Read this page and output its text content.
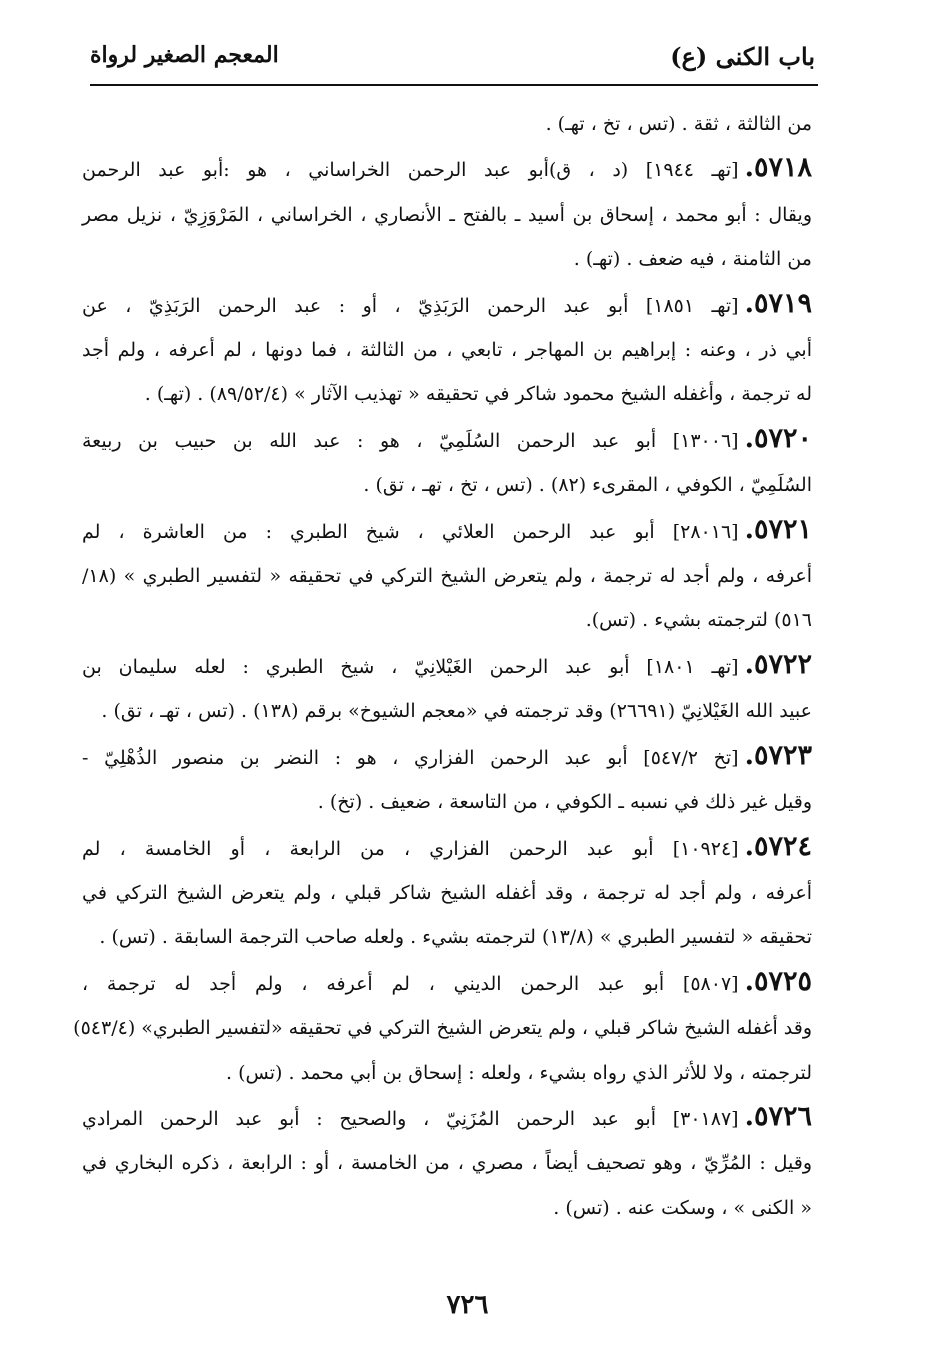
باب الكنى (ع)
المعجم الصغير لرواة
من الثالثة ، ثقة . (تس ، تخ ، تهـ) .
٥٧١٨.[تهـ ١٩٤٤] (د ، ق)أبو عبد الرحمن الخراساني ، هو :أبو عبد الرحمن
ويقال : أبو محمد ، إسحاق بن أسيد ـ بالفتح ـ الأنصاري ، الخراساني ، المَرْوَزِيّ ، نزيل مصر
من الثامنة ، فيه ضعف . (تهـ) .
٥٧١٩.[تهـ ١٨٥١] أبو عبد الرحمن الرَبَذِيّ ، أو : عبد الرحمن الرَبَذِيّ ، عن
أبي ذر ، وعنه : إبراهيم بن المهاجر ، تابعي ، من الثالثة ، فما دونها ، لم أعرفه ، ولم أجد
له ترجمة ، وأغفله الشيخ محمود شاكر في تحقيقه « تهذيب الآثار » (٨٩/٥٢/٤) . (تهـ) .
٥٧٢٠.[١٣٠٠٦] أبو عبد الرحمن السُلَمِيّ ، هو : عبد الله بن حبيب بن ربيعة
السُلَمِيّ ، الكوفي ، المقرىء (٨٢) . (تس ، تخ ، تهـ ، تق) .
٥٧٢١.[٢٨٠١٦] أبو عبد الرحمن العلائي ، شيخ الطبري : من العاشرة ، لم
أعرفه ، ولم أجد له ترجمة ، ولم يتعرض الشيخ التركي في تحقيقه « لتفسير الطبري » (١٨/
٥١٦) لترجمته بشيء . (تس).
٥٧٢٢.[تهـ ١٨٠١] أبو عبد الرحمن الغَيْلانِيّ ، شيخ الطبري : لعله سليمان بن
عبيد الله الغَيْلانِيّ (٢٦٦٩١) وقد ترجمته في «معجم الشيوخ» برقم (١٣٨) . (تس ، تهـ ، تق) .
٥٧٢٣.[تخ ٥٤٧/٢] أبو عبد الرحمن الفزاري ، هو : النضر بن منصور الذُهْلِيّ -
وقيل غير ذلك في نسبه ـ الكوفي ، من التاسعة ، ضعيف . (تخ) .
٥٧٢٤.[١٠٩٢٤] أبو عبد الرحمن الفزاري ، من الرابعة ، أو الخامسة ، لم
أعرفه ، ولم أجد له ترجمة ، وقد أغفله الشيخ شاكر قبلي ، ولم يتعرض الشيخ التركي في
تحقيقه « لتفسير الطبري » (١٣/٨) لترجمته بشيء . ولعله صاحب الترجمة السابقة . (تس) .
٥٧٢٥.[٥٨٠٧] أبو عبد الرحمن الديني ، لم أعرفه ، ولم أجد له ترجمة ،
وقد أغفله الشيخ شاكر قبلي ، ولم يتعرض الشيخ التركي في تحقيقه «لتفسير الطبري» (٥٤٣/٤)
لترجمته ، ولا للأثر الذي رواه بشيء ، ولعله : إسحاق بن أبي محمد . (تس) .
٥٧٢٦.[٣٠١٨٧] أبو عبد الرحمن المُزَنِيّ ، والصحيح : أبو عبد الرحمن المرادي
وقيل : المُرِّيّ ، وهو تصحيف أيضاً ، مصري ، من الخامسة ، أو : الرابعة ، ذكره البخاري في
« الكنى » ، وسكت عنه . (تس) .
٧٢٦
